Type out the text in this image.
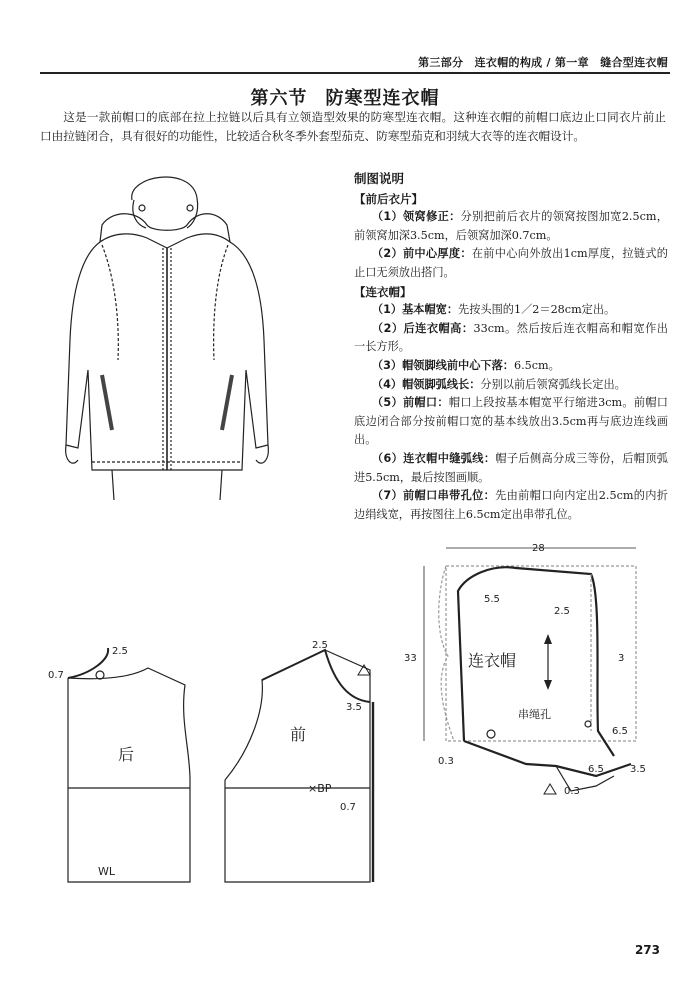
第三部分　连衣帽的构成 / 第一章　缝合型连衣帽
第六节 防寒型连衣帽
这是一款前帽口的底部在拉上拉链以后具有立领造型效果的防寒型连衣帽。这种连衣帽的前帽口底边止口同衣片前止口由拉链闭合，具有很好的功能性，比较适合秋冬季外套型茄克、防寒型茄克和羽绒大衣等的连衣帽设计。
制图说明
【前后衣片】

（1）领窝修正：分别把前后衣片的领窝按图加宽2.5cm，前领窝加深3.5cm，后领窝加深0.7cm。

（2）前中心厚度：在前中心向外放出1cm厚度，拉链式的止口无须放出搭门。

【连衣帽】

（1）基本帽宽：先按头围的1／2＝28cm定出。

（2）后连衣帽高：33cm。然后按后连衣帽高和帽宽作出一长方形。

（3）帽领脚线前中心下落：6.5cm。

（4）帽领脚弧线长：分别以前后领窝弧线长定出。

（5）前帽口：帽口上段按基本帽宽平行缩进3cm。前帽口底边闭合部分按前帽口宽的基本线放出3.5cm再与底边连线画出。

（6）连衣帽中缝弧线：帽子后侧高分成三等份，后帽顶弧进5.5cm，最后按图画顺。

（7）前帽口串带孔位：先由前帽口向内定出2.5cm的内折边绢线宽，再按图往上6.5cm定出串带孔位。

后
前
×BP
WL
2.5
0.7
2.5
3.5
0.7
连衣帽
串绳孔
28
33
5.5
2.5
3
6.5
3.5
6.5
0.3
0.3
273
